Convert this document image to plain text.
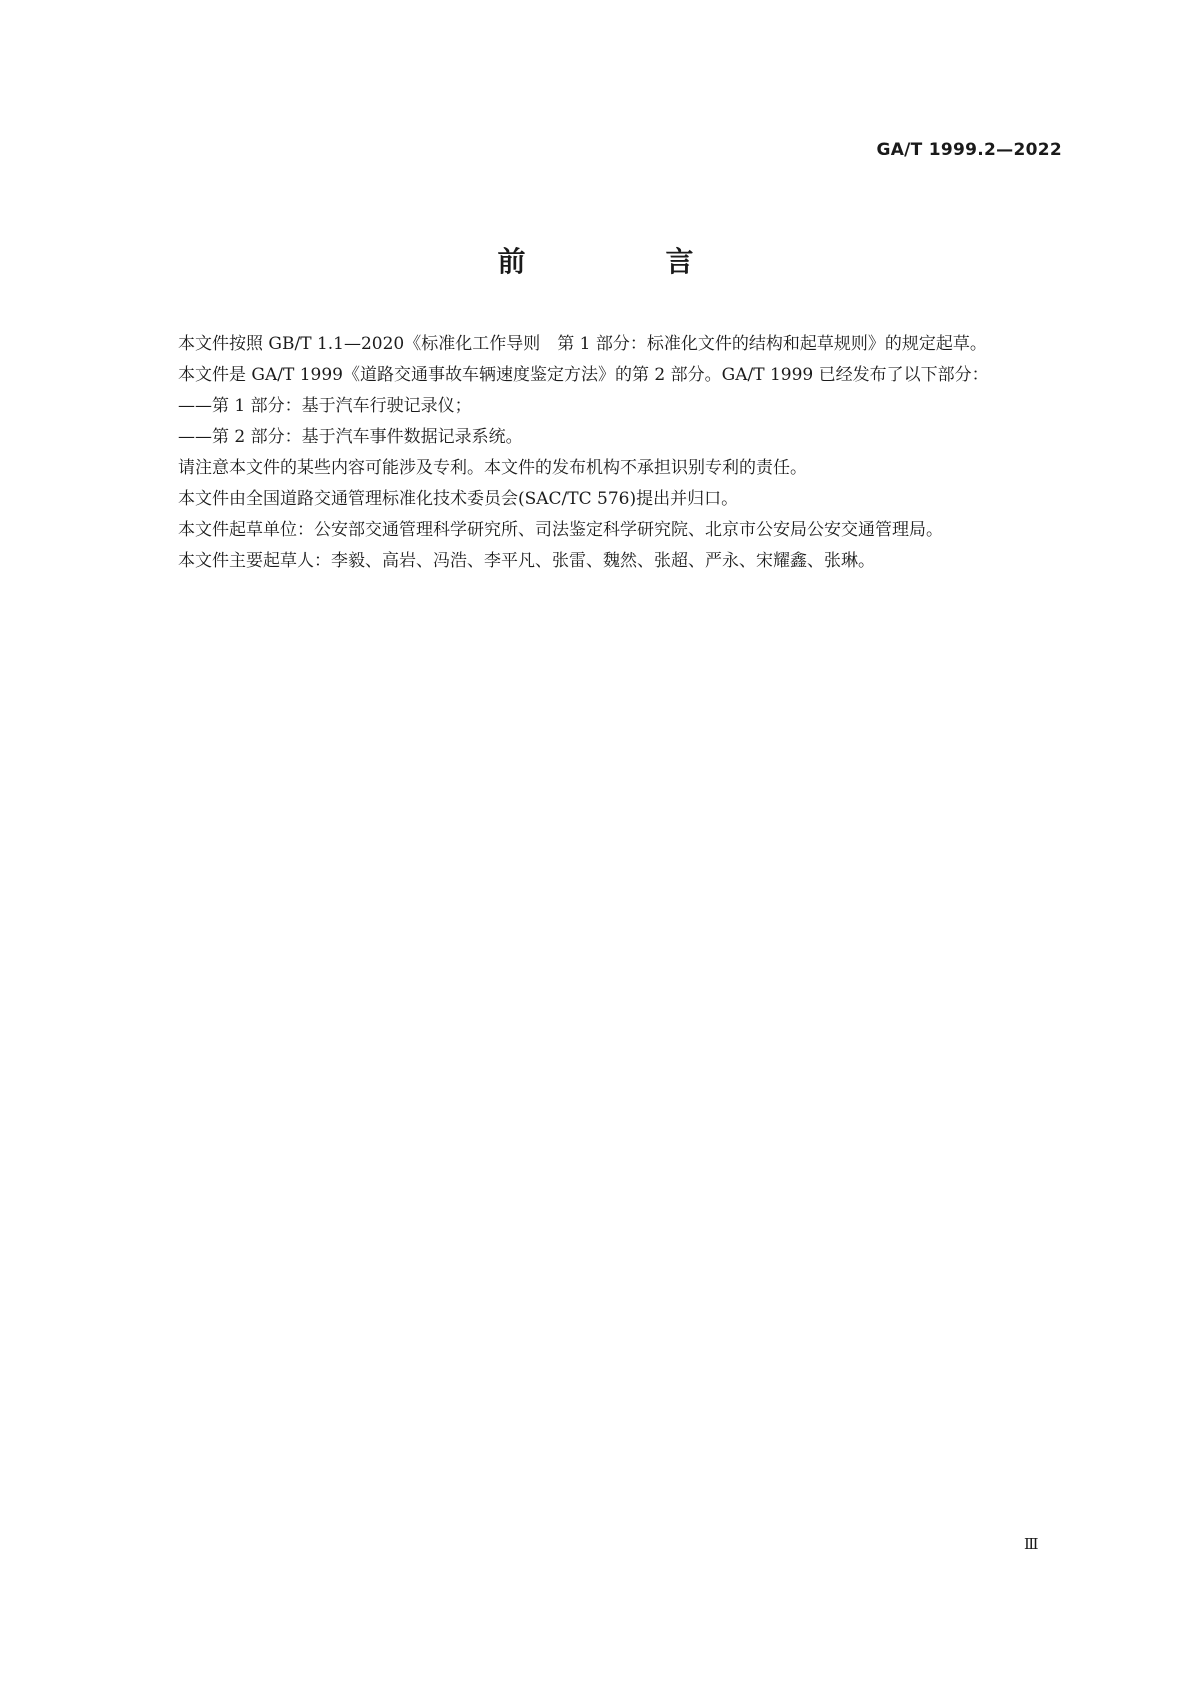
GA/T 1999.2—2022
前　言

本文件按照 GB/T 1.1—2020《标准化工作导则　第 1 部分：标准化文件的结构和起草规则》的规定起草。

本文件是 GA/T 1999《道路交通事故车辆速度鉴定方法》的第 2 部分。GA/T 1999 已经发布了以下部分：

——第 1 部分：基于汽车行驶记录仪；

——第 2 部分：基于汽车事件数据记录系统。

请注意本文件的某些内容可能涉及专利。本文件的发布机构不承担识别专利的责任。

本文件由全国道路交通管理标准化技术委员会(SAC/TC 576)提出并归口。

本文件起草单位：公安部交通管理科学研究所、司法鉴定科学研究院、北京市公安局公安交通管理局。

本文件主要起草人：李毅、高岩、冯浩、李平凡、张雷、魏然、张超、严永、宋耀鑫、张琳。

Ⅲ
